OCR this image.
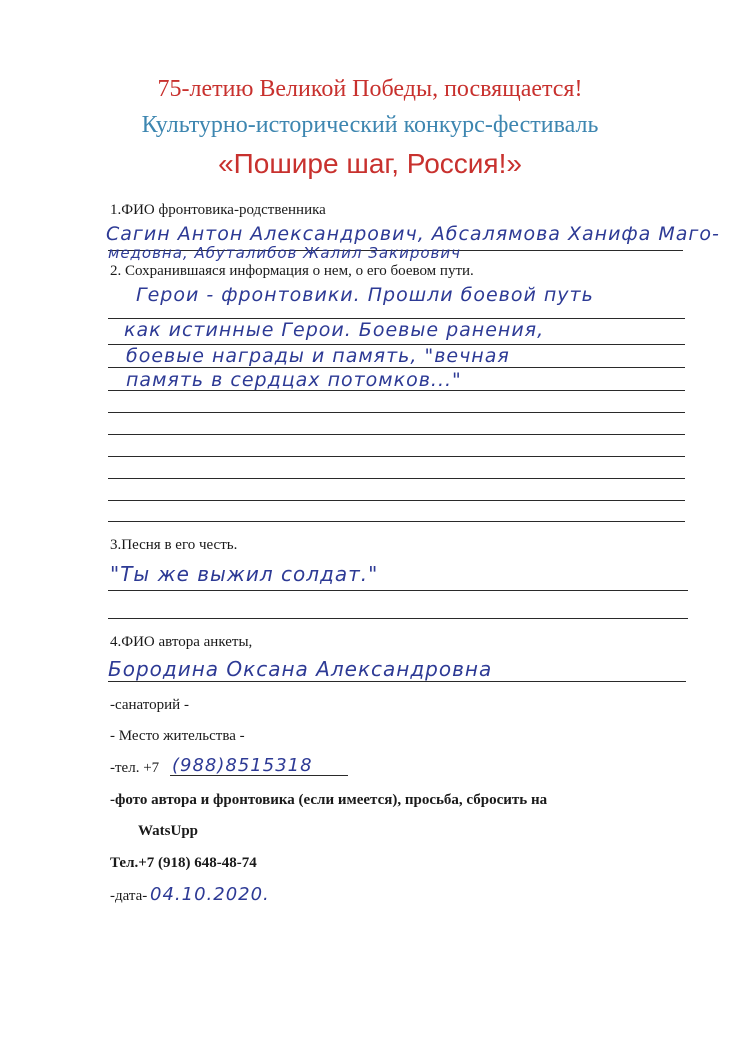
75-летию Великой Победы, посвящается!
Культурно-исторический конкурс-фестиваль
«Пошире шаг, Россия!»
1.ФИО фронтовика-родственника
Сагин Антон Александрович, Абсалямова Ханифа Маго-
медовна, Абуталибов Жалил Закирович
2. Сохранившаяся информация о нем, о его боевом пути.
Герои - фронтовики. Прошли боевой путь
как истинные Герои. Боевые ранения,
боевые награды и память, "вечная
память в сердцах потомков..."
3.Песня в его честь.
"Ты же выжил солдат."
4.ФИО автора анкеты,
Бородина Оксана Александровна
-санаторий -
- Место жительства -
-тел. +7 (988)8515318
-фото автора и фронтовика (если имеется), просьба, сбросить на
WatsUpp
Тел.+7 (918) 648-48-74
-дата- 04.10.2020.
